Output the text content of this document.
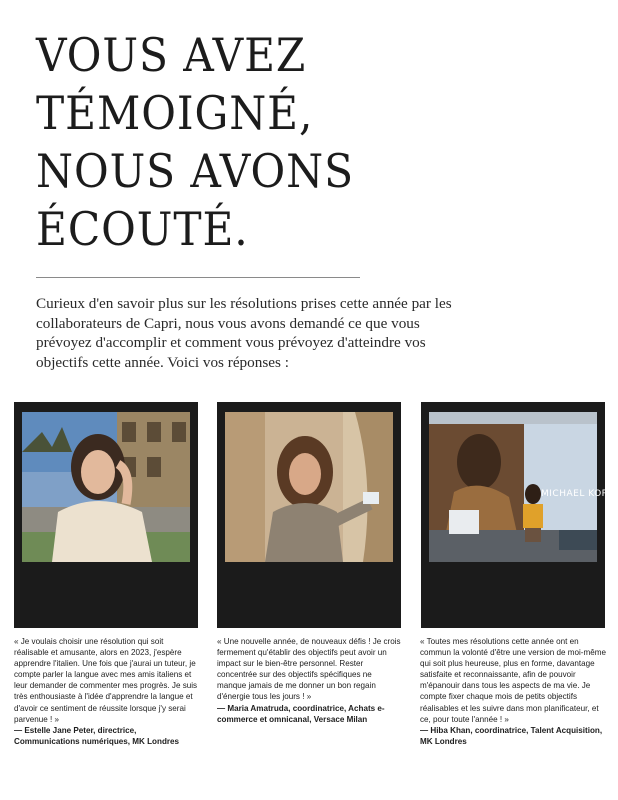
VOUS AVEZ
TÉMOIGNÉ,
NOUS AVONS
ÉCOUTÉ.

Curieux d'en savoir plus sur les résolutions prises cette année par les collaborateurs de Capri, nous vous avons demandé ce que vous prévoyez d'accomplir et comment vous prévoyez d'atteindre vos objectifs cette année. Voici vos réponses :

MICHAEL KORS

« Je voulais choisir une résolution qui soit réalisable et amusante, alors en 2023, j'espère apprendre l'italien. Une fois que j'aurai un tuteur, je compte parler la langue avec mes amis italiens et leur demander de commenter mes progrès. Je suis très enthousiaste à l'idée d'apprendre la langue et d'avoir ce sentiment de réussite lorsque j'y serai parvenue ! »
— Estelle Jane Peter, directrice, Communications numériques, MK Londres

« Une nouvelle année, de nouveaux défis ! Je crois fermement qu'établir des objectifs peut avoir un impact sur le bien-être personnel. Rester concentrée sur des objectifs spécifiques ne manque jamais de me donner un bon regain d'énergie tous les jours ! »
— Maria Amatruda, coordinatrice, Achats e-commerce et omnicanal, Versace Milan

« Toutes mes résolutions cette année ont en commun la volonté d'être une version de moi-même qui soit plus heureuse, plus en forme, davantage satisfaite et reconnaissante, afin de pouvoir m'épanouir dans tous les aspects de ma vie. Je compte fixer chaque mois de petits objectifs réalisables et les suivre dans mon planificateur, et ce, pour toute l'année ! »
— Hiba Khan, coordinatrice, Talent Acquisition, MK Londres
